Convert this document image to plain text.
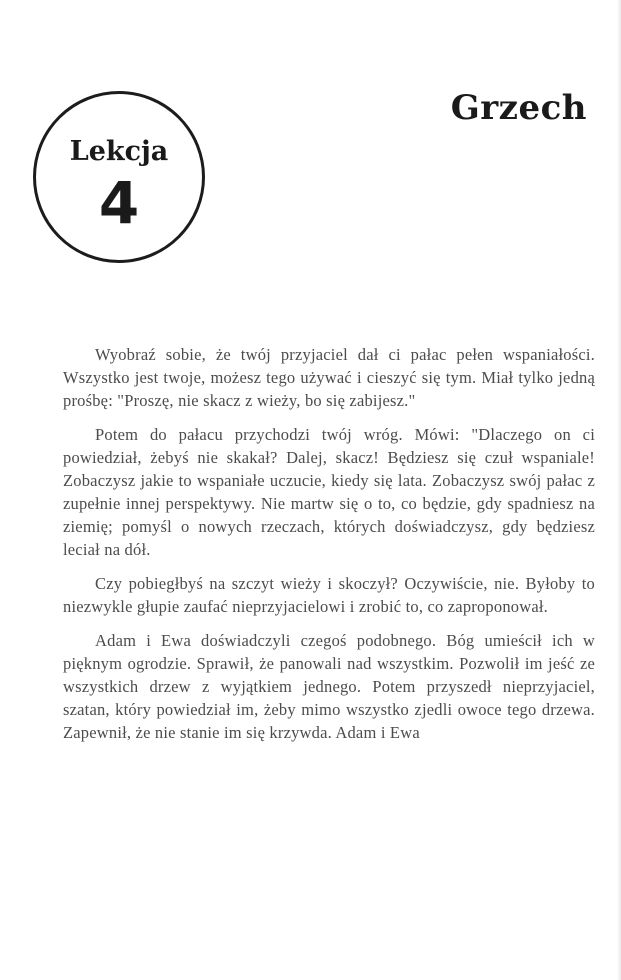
Grzech
Lekcja
4

Wyobraź sobie, że twój przyjaciel dał ci pałac pełen wspaniałości. Wszystko jest twoje, możesz tego używać i cieszyć się tym. Miał tylko jedną prośbę: "Proszę, nie skacz z wieży, bo się zabijesz."

Potem do pałacu przychodzi twój wróg. Mówi: "Dlaczego on ci powiedział, żebyś nie skakał? Dalej, skacz! Będziesz się czuł wspaniale! Zobaczysz jakie to wspaniałe uczucie, kiedy się lata. Zobaczysz swój pałac z zupełnie innej perspektywy. Nie martw się o to, co będzie, gdy spadniesz na ziemię; pomyśl o nowych rzeczach, których doświadczysz, gdy będziesz leciał na dół.

Czy pobiegłbyś na szczyt wieży i skoczył? Oczywiście, nie. Byłoby to niezwykle głupie zaufać nieprzyjacielowi i zrobić to, co zaproponował.

Adam i Ewa doświadczyli czegoś podobnego. Bóg umieścił ich w pięknym ogrodzie. Sprawił, że panowali nad wszystkim. Pozwolił im jeść ze wszystkich drzew z wyjątkiem jednego. Potem przyszedł nieprzyjaciel, szatan, który powiedział im, żeby mimo wszystko zjedli owoce tego drzewa. Zapewnił, że nie stanie im się krzywda. Adam i Ewa
